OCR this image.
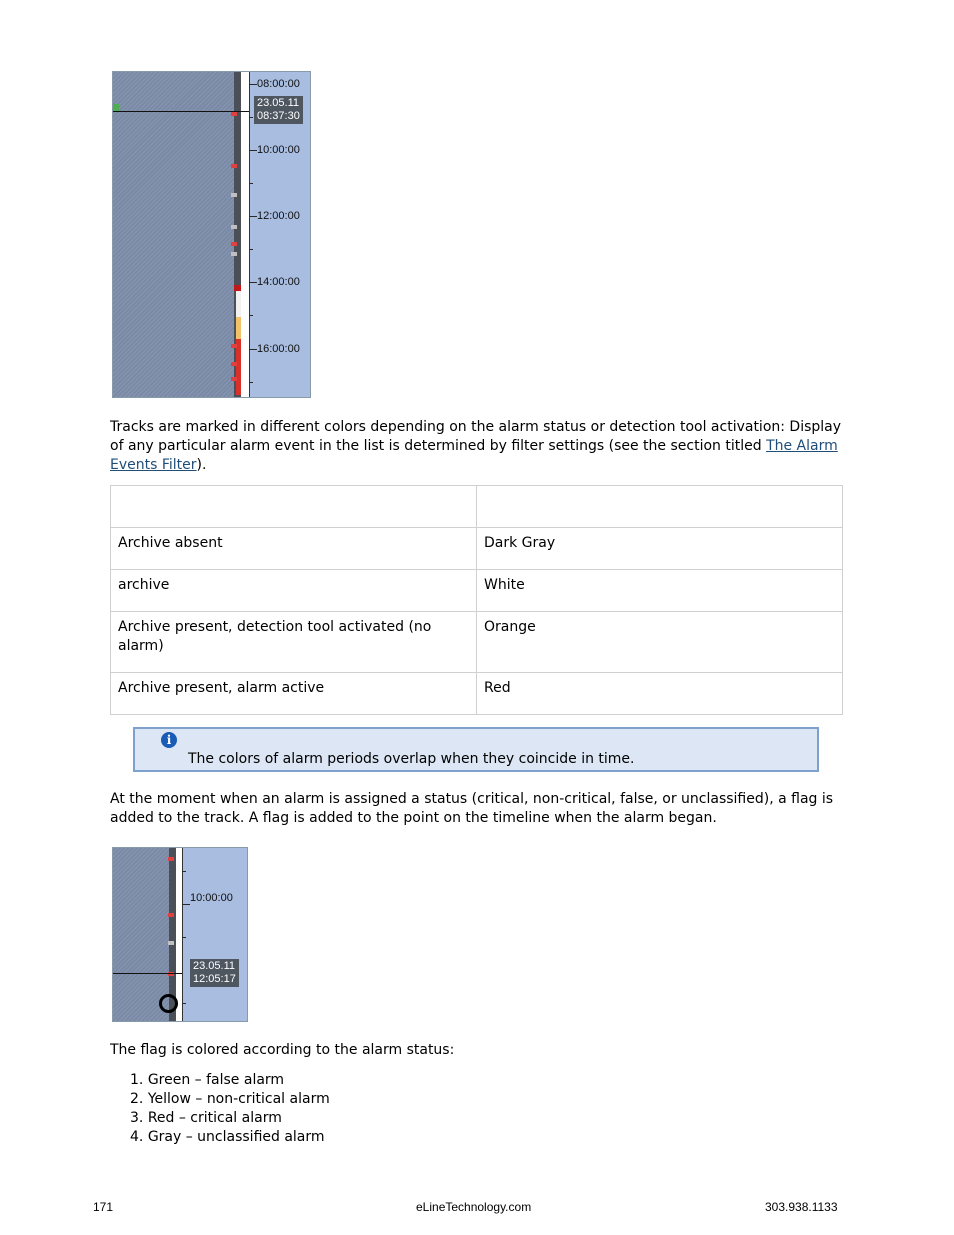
08:00:00
10:00:00
12:00:00
14:00:00
16:00:00
23.05.11
08:37:30
Tracks are marked in different colors depending on the alarm status or detection tool activation: Display of any particular alarm event in the list is determined by filter settings (see the section titled The Alarm Events Filter).

Archive absent	Dark Gray
archive	White
Archive present, detection tool activated (no alarm)	Orange
Archive present, alarm active	Red
i
The colors of alarm periods overlap when they coincide in time.
At the moment when an alarm is assigned a status (critical, non-critical, false, or unclassified), a flag is added to the track. A flag is added to the point on the timeline when the alarm began.
10:00:00
23.05.11
12:05:17
The flag is colored according to the alarm status:
1. Green – false alarm
2. Yellow – non-critical alarm
3. Red – critical alarm
4. Gray – unclassified alarm
171	eLineTechnology.com	303.938.1133
